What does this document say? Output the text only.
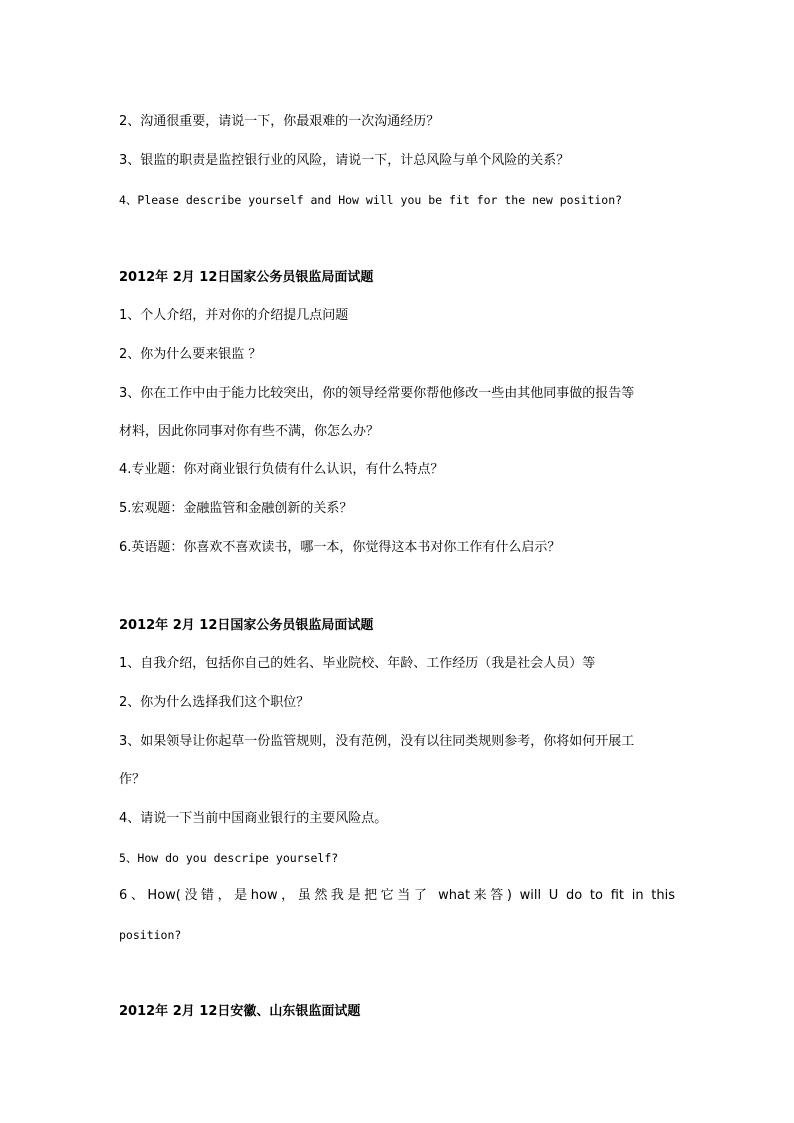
2、沟通很重要，请说一下，你最艰难的一次沟通经历？
3、银监的职责是监控银行业的风险，请说一下，计总风险与单个风险的关系？
4、Please describe yourself and How will you be fit for the new position?
2012年 2月 12日国家公务员银监局面试题
1、个人介绍，并对你的介绍提几点问题
2、你为什么要来银监 ？
3、你在工作中由于能力比较突出，你的领导经常要你帮他修改一些由其他同事做的报告等
材料，因此你同事对你有些不满，你怎么办？
4.专业题：你对商业银行负债有什么认识，有什么特点？
5.宏观题：金融监管和金融创新的关系？
6.英语题：你喜欢不喜欢读书，哪一本，你觉得这本书对你工作有什么启示？
2012年 2月 12日国家公务员银监局面试题
1、自我介绍，包括你自己的姓名、毕业院校、年龄、工作经历（我是社会人员）等
2、你为什么选择我们这个职位？
3、如果领导让你起草一份监管规则，没有范例，没有以往同类规则参考，你将如何开展工
作？
4、请说一下当前中国商业银行的主要风险点。
5、How do you descripe yourself?
6、How(没错，是how，虽然我是把它当了 what来答) will U do to fit in this
position?
2012年 2月 12日安徽、山东银监面试题
